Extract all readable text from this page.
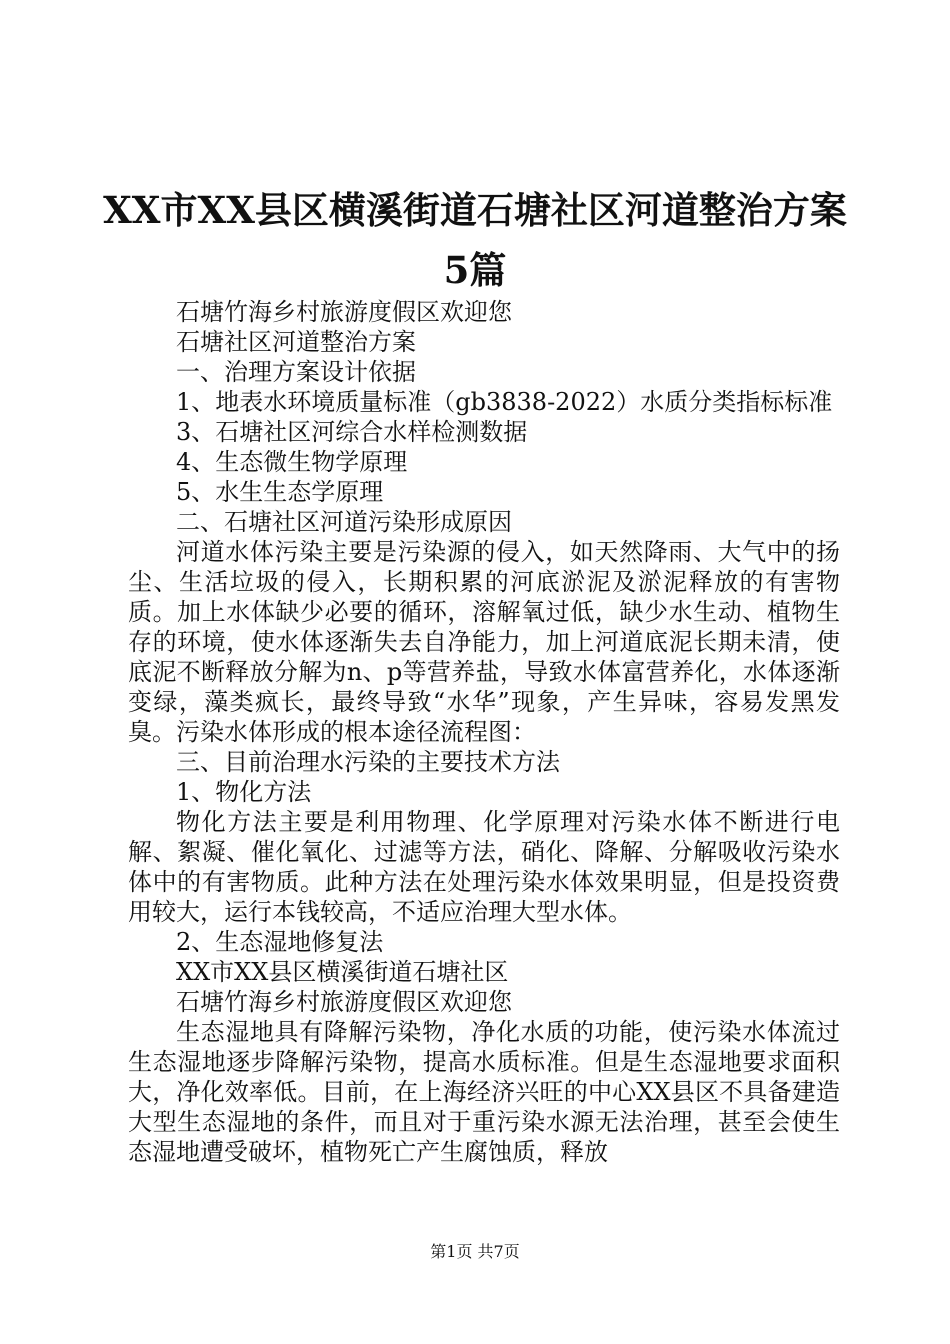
XX市XX县区横溪街道石塘社区河道整治方案
5篇

石塘竹海乡村旅游度假区欢迎您

石塘社区河道整治方案

一、治理方案设计依据

1、地表水环境质量标准（gb3838-2022）水质分类指标标准

3、石塘社区河综合水样检测数据

4、生态微生物学原理

5、水生生态学原理

二、石塘社区河道污染形成原因

河道水体污染主要是污染源的侵入，如天然降雨、大气中的扬尘、生活垃圾的侵入，长期积累的河底淤泥及淤泥释放的有害物质。加上水体缺少必要的循环，溶解氧过低，缺少水生动、植物生存的环境，使水体逐渐失去自净能力，加上河道底泥长期未清，使底泥不断释放分解为n、p等营养盐，导致水体富营养化，水体逐渐变绿，藻类疯长，最终导致“水华”现象，产生异味，容易发黑发臭。污染水体形成的根本途径流程图：

三、目前治理水污染的主要技术方法

1、物化方法

物化方法主要是利用物理、化学原理对污染水体不断进行电解、絮凝、催化氧化、过滤等方法，硝化、降解、分解吸收污染水体中的有害物质。此种方法在处理污染水体效果明显，但是投资费用较大，运行本钱较高，不适应治理大型水体。

2、生态湿地修复法

XX市XX县区横溪街道石塘社区

石塘竹海乡村旅游度假区欢迎您

生态湿地具有降解污染物，净化水质的功能，使污染水体流过生态湿地逐步降解污染物，提高水质标准。但是生态湿地要求面积大，净化效率低。目前，在上海经济兴旺的中心XX县区不具备建造大型生态湿地的条件，而且对于重污染水源无法治理，甚至会使生态湿地遭受破坏，植物死亡产生腐蚀质，释放

第1页 共7页
